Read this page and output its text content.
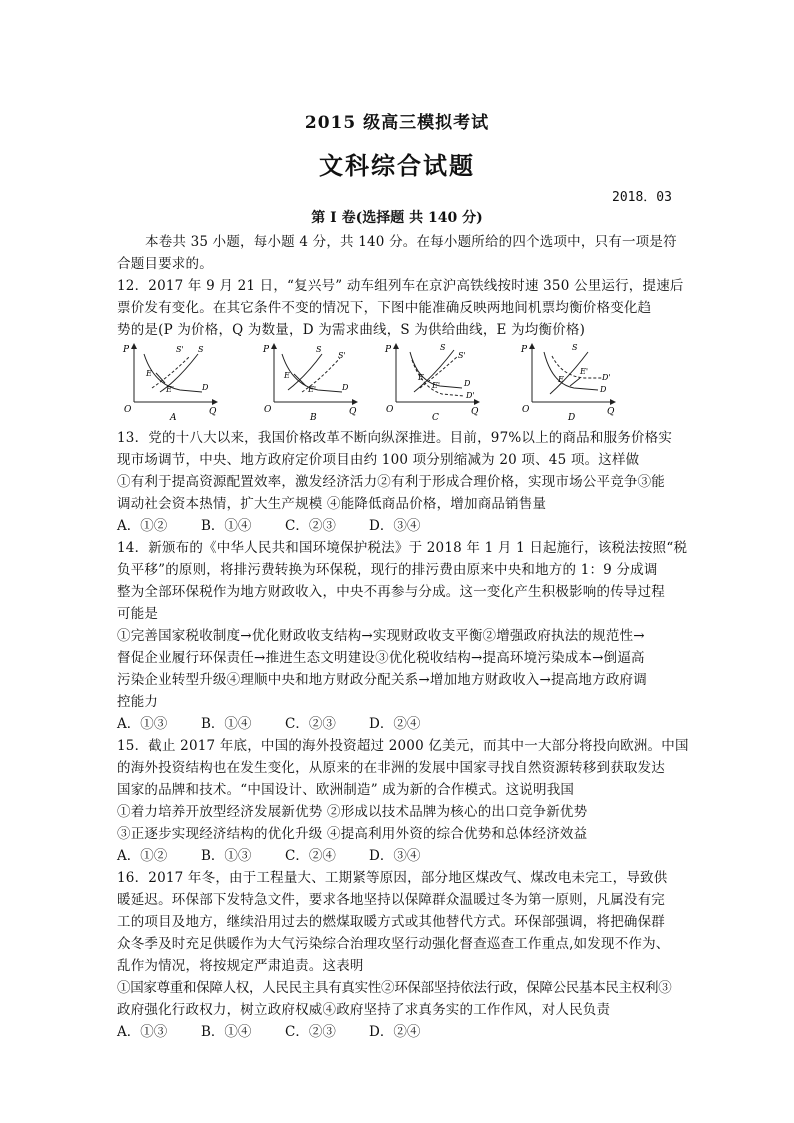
2015 级高三模拟考试
文科综合试题
2018．03
第 I 卷(选择题 共 140 分)
本卷共 35 小题，每小题 4 分，共 140 分。在每小题所给的四个选项中，只有一项是符
合题目要求的。
12．2017 年 9 月 21 日，“复兴号” 动车组列车在京沪高铁线按时速 350 公里运行，提速后
票价发有变化。在其它条件不变的情况下，下图中能准确反映两地间机票均衡价格变化趋
势的是(P 为价格，Q 为数量，D 为需求曲线，S 为供给曲线，E 为均衡价格)
P
O	Q
S' S
E
E'	D
A
P
O	Q
S
S'
E
E'	D
B
P
O	Q
S
S'
E
E'	D
D'
C
P
O	Q
S
E
E'
D'
D
D
13．党的十八大以来，我国价格改革不断向纵深推进。目前，97%以上的商品和服务价格实
现市场调节，中央、地方政府定价项目由约 100 项分别缩减为 20 项、45 项。这样做
①有利于提高资源配置效率，激发经济活力②有利于形成合理价格，实现市场公平竞争③能
调动社会资本热情，扩大生产规模 ④能降低商品价格，增加商品销售量
A．①②	B．①④ C．②③ D．③④
14．新颁布的《中华人民共和国环境保护税法》于 2018 年 1 月 1 日起施行，该税法按照“税
负平移”的原则，将排污费转换为环保税，现行的排污费由原来中央和地方的 1：9 分成调
整为全部环保税作为地方财政收入，中央不再参与分成。这一变化产生积极影响的传导过程
可能是
①完善国家税收制度→优化财政收支结构→实现财政收支平衡②增强政府执法的规范性→
督促企业履行环保责任→推进生态文明建设③优化税收结构→提高环境污染成本→倒逼高
污染企业转型升级④理顺中央和地方财政分配关系→增加地方财政收入→提高地方政府调
控能力
A．①③	B．①④ C．②③ D．②④
15．截止 2017 年底，中国的海外投资超过 2000 亿美元，而其中一大部分将投向欧洲。中国
的海外投资结构也在发生变化，从原来的在非洲的发展中国家寻找自然资源转移到获取发达
国家的品牌和技术。“中国设计、欧洲制造” 成为新的合作模式。这说明我国
①着力培养开放型经济发展新优势 ②形成以技术品牌为核心的出口竞争新优势
③正逐步实现经济结构的优化升级 ④提高利用外资的综合优势和总体经济效益
A．①②	B．①③ C．②④ D．③④
16．2017 年冬，由于工程量大、工期紧等原因，部分地区煤改气、煤改电未完工，导致供
暖延迟。环保部下发特急文件，要求各地坚持以保障群众温暖过冬为第一原则，凡属没有完
工的项目及地方，继续沿用过去的燃煤取暖方式或其他替代方式。环保部强调，将把确保群
众冬季及时充足供暖作为大气污染综合治理攻坚行动强化督查巡查工作重点,如发现不作为、
乱作为情况，将按规定严肃追责。这表明
①国家尊重和保障人权，人民民主具有真实性②环保部坚持依法行政，保障公民基本民主权利③
政府强化行政权力，树立政府权威④政府坚持了求真务实的工作作风，对人民负责
A．①③	B．①④ C．②③ D．②④
